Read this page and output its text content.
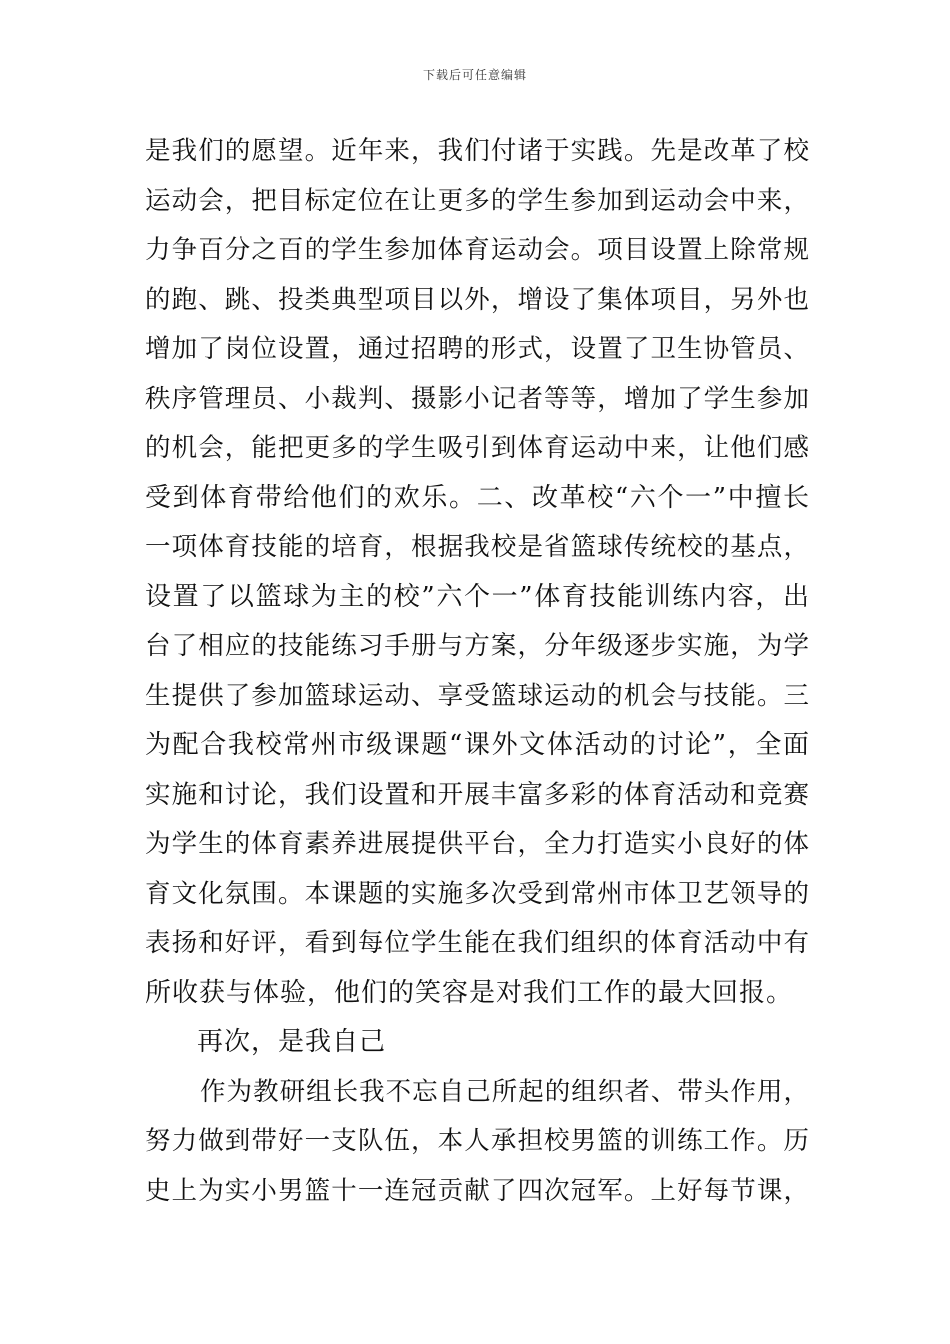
下载后可任意编辑
是我们的愿望。近年来，我们付诸于实践。先是改革了校
运动会，把目标定位在让更多的学生参加到运动会中来，
力争百分之百的学生参加体育运动会。项目设置上除常规
的跑、跳、投类典型项目以外，增设了集体项目，另外也
增加了岗位设置，通过招聘的形式，设置了卫生协管员、
秩序管理员、小裁判、摄影小记者等等，增加了学生参加
的机会，能把更多的学生吸引到体育运动中来，让他们感
受到体育带给他们的欢乐。二、改革校“六个一”中擅长
一项体育技能的培育，根据我校是省篮球传统校的基点，
设置了以篮球为主的校”六个一”体育技能训练内容，出
台了相应的技能练习手册与方案，分年级逐步实施，为学
生提供了参加篮球运动、享受篮球运动的机会与技能。三
为配合我校常州市级课题“课外文体活动的讨论”，全面
实施和讨论，我们设置和开展丰富多彩的体育活动和竞赛
为学生的体育素养进展提供平台，全力打造实小良好的体
育文化氛围。本课题的实施多次受到常州市体卫艺领导的
表扬和好评，看到每位学生能在我们组织的体育活动中有
所收获与体验，他们的笑容是对我们工作的最大回报。
再次，是我自己
作为教研组长我不忘自己所起的组织者、带头作用，
努力做到带好一支队伍，本人承担校男篮的训练工作。历
史上为实小男篮十一连冠贡献了四次冠军。上好每节课，
